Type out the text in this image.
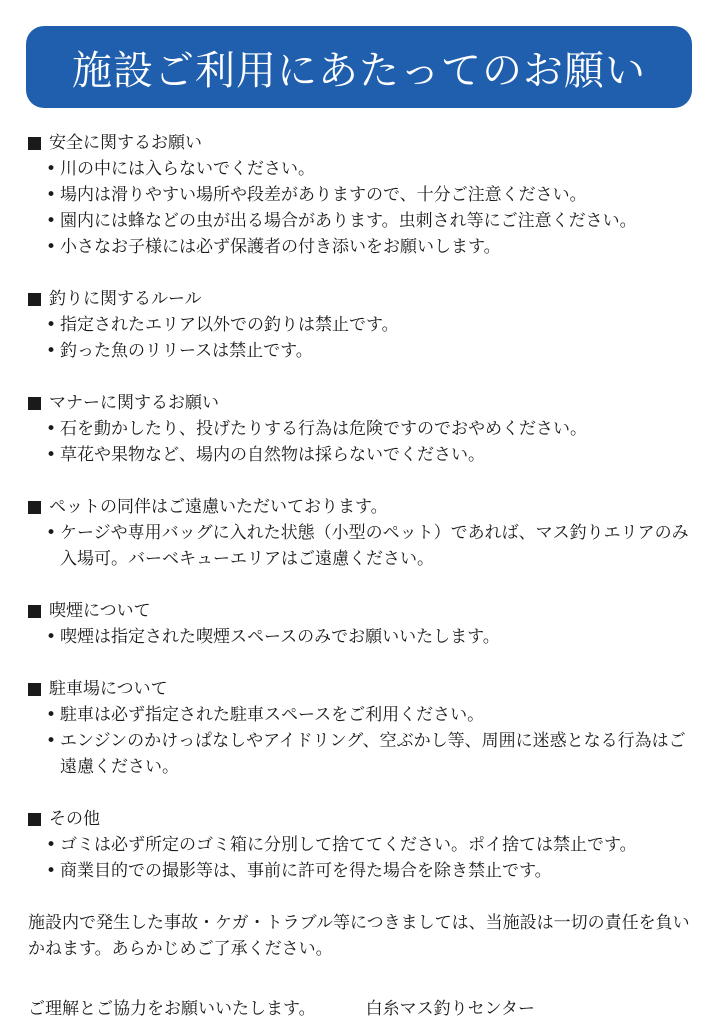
施設ご利用にあたってのお願い
安全に関するお願い
• 川の中には入らないでください。
• 場内は滑りやすい場所や段差がありますので、十分ご注意ください。
• 園内には蜂などの虫が出る場合があります。虫刺され等にご注意ください。
• 小さなお子様には必ず保護者の付き添いをお願いします。
釣りに関するルール
• 指定されたエリア以外での釣りは禁止です。
• 釣った魚のリリースは禁止です。
マナーに関するお願い
• 石を動かしたり、投げたりする行為は危険ですのでおやめください。
• 草花や果物など、場内の自然物は採らないでください。
ペットの同伴はご遠慮いただいております。
• ケージや専用バッグに入れた状態（小型のペット）であれば、マス釣りエリアのみ入場可。バーベキューエリアはご遠慮ください。
喫煙について
• 喫煙は指定された喫煙スペースのみでお願いいたします。
駐車場について
• 駐車は必ず指定された駐車スペースをご利用ください。
• エンジンのかけっぱなしやアイドリング、空ぶかし等、周囲に迷惑となる行為はご遠慮ください。
その他
• ゴミは必ず所定のゴミ箱に分別して捨ててください。ポイ捨ては禁止です。
• 商業目的での撮影等は、事前に許可を得た場合を除き禁止です。
施設内で発生した事故・ケガ・トラブル等につきましては、当施設は一切の責任を負いかねます。あらかじめご了承ください。
ご理解とご協力をお願いいたします。	白糸マス釣りセンター
